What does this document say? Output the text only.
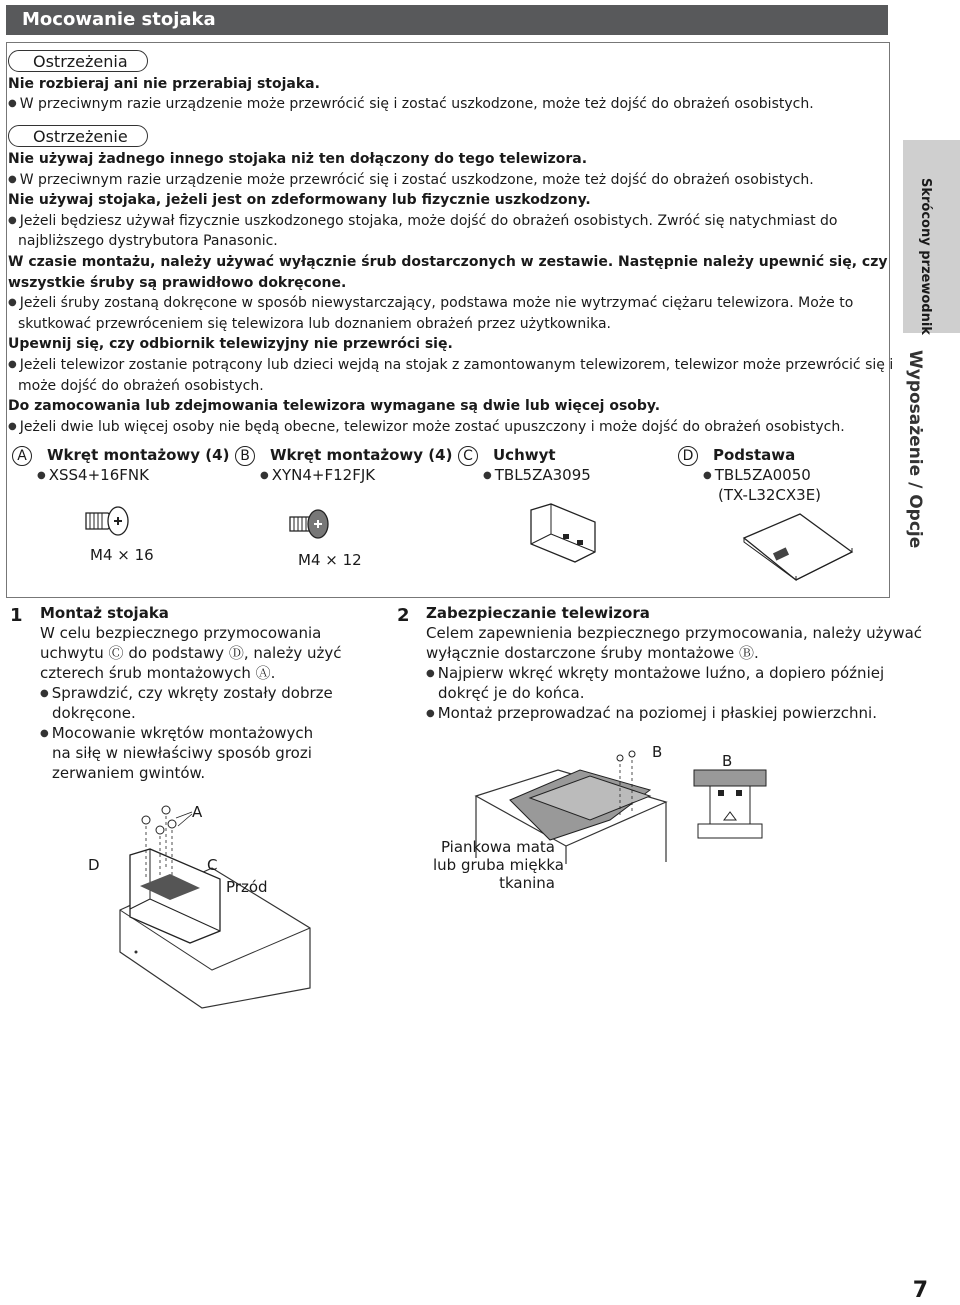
Mocowanie stojaka
Skrócony przewodnik
Wyposażenie / Opcje
Ostrzeżenia
Nie rozbieraj ani nie przerabiaj stojaka.
● W przeciwnym razie urządzenie może przewrócić się i zostać uszkodzone, może też dojść do obrażeń osobistych.
Ostrzeżenie
Nie używaj żadnego innego stojaka niż ten dołączony do tego telewizora.
● W przeciwnym razie urządzenie może przewrócić się i zostać uszkodzone, może też dojść do obrażeń osobistych.
Nie używaj stojaka, jeżeli jest on zdeformowany lub fizycznie uszkodzony.
● Jeżeli będziesz używał fizycznie uszkodzonego stojaka, może dojść do obrażeń osobistych. Zwróć się natychmiast do
najbliższego dystrybutora Panasonic.
W czasie montażu, należy używać wyłącznie śrub dostarczonych w zestawie. Następnie należy upewnić się, czy
wszystkie śruby są prawidłowo dokręcone.
● Jeżeli śruby zostaną dokręcone w sposób niewystarczający, podstawa może nie wytrzymać ciężaru telewizora. Może to
skutkować przewróceniem się telewizora lub doznaniem obrażeń przez użytkownika.
Upewnij się, czy odbiornik telewizyjny nie przewróci się.
● Jeżeli telewizor zostanie potrącony lub dzieci wejdą na stojak z zamontowanym telewizorem, telewizor może przewrócić się i
może dojść do obrażeń osobistych.
Do zamocowania lub zdejmowania telewizora wymagane są dwie lub więcej osoby.
● Jeżeli dwie lub więcej osoby nie będą obecne, telewizor może zostać upuszczony i może dojść do obrażeń osobistych.
A	Wkręt montażowy (4)
● XSS4+16FNK
M4 × 16
B	Wkręt montażowy (4)
● XYN4+F12FJK
M4 × 12
C	Uchwyt
● TBL5ZA3095
D	Podstawa
● TBL5ZA0050
(TX-L32CX3E)
1 Montaż stojaka
W celu bezpiecznego przymocowania
uchwytu Ⓒ do podstawy Ⓓ, należy użyć
czterech śrub montażowych Ⓐ.
● Sprawdzić, czy wkręty zostały dobrze
dokręcone.
● Mocowanie wkrętów montażowych
na siłę w niewłaściwy sposób grozi
zerwaniem gwintów.
A
C
D
Przód
2 Zabezpieczanie telewizora
Celem zapewnienia bezpiecznego przymocowania, należy używać
wyłącznie dostarczone śruby montażowe Ⓑ.
● Najpierw wkręć wkręty montażowe luźno, a dopiero później
dokręć je do końca.
● Montaż przeprowadzać na poziomej i płaskiej powierzchni.
B	B
Piankowa mata
lub gruba miękka
tkanina
7
